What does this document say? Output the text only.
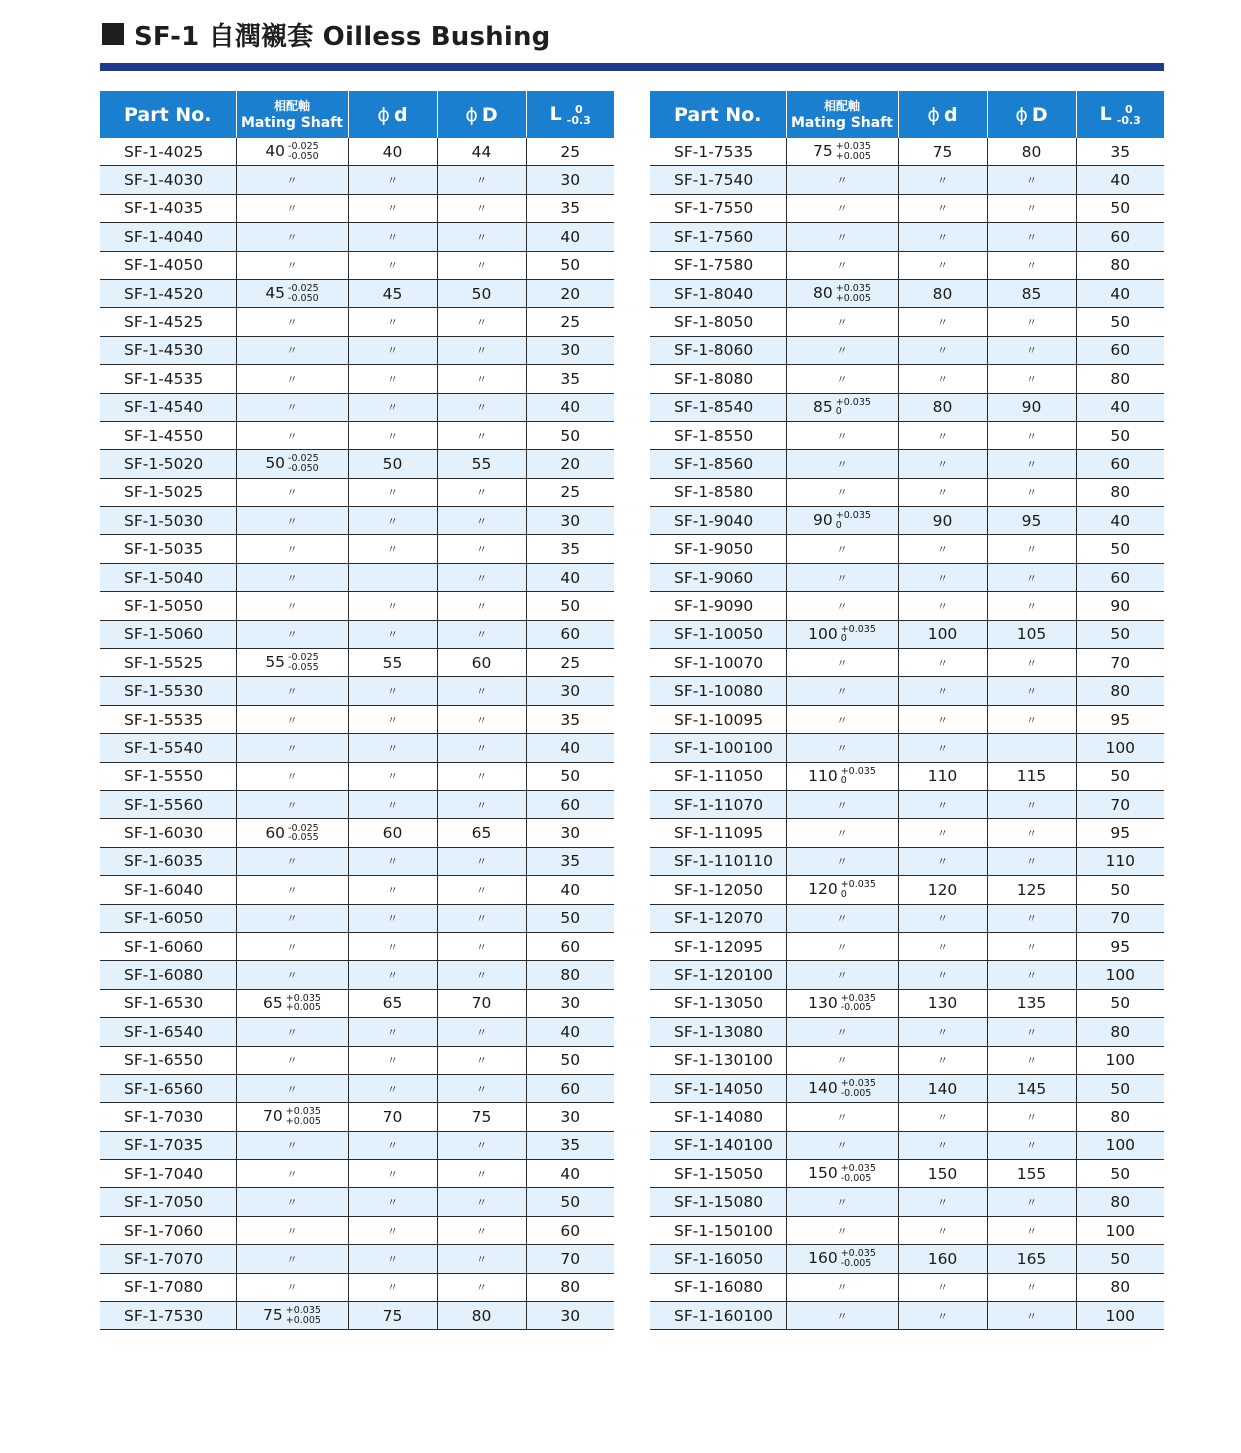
SF-1 自潤襯套 Oilless Bushing
Part No.	相配軸
Mating Shaft	ϕ d	ϕ D	L 0
-0.3

SF-1-4025	40 -0.025
-0.050	40	44	25
SF-1-4030	〃	〃	〃	30
SF-1-4035	〃	〃	〃	35
SF-1-4040	〃	〃	〃	40
SF-1-4050	〃	〃	〃	50
SF-1-4520	45 -0.025
-0.050	45	50	20
SF-1-4525	〃	〃	〃	25
SF-1-4530	〃	〃	〃	30
SF-1-4535	〃	〃	〃	35
SF-1-4540	〃	〃	〃	40
SF-1-4550	〃	〃	〃	50
SF-1-5020	50 -0.025
-0.050	50	55	20
SF-1-5025	〃	〃	〃	25
SF-1-5030	〃	〃	〃	30
SF-1-5035	〃	〃	〃	35
SF-1-5040	〃		〃	40
SF-1-5050	〃	〃	〃	50
SF-1-5060	〃	〃	〃	60
SF-1-5525	55 -0.025
-0.055	55	60	25
SF-1-5530	〃	〃	〃	30
SF-1-5535	〃	〃	〃	35
SF-1-5540	〃	〃	〃	40
SF-1-5550	〃	〃	〃	50
SF-1-5560	〃	〃	〃	60
SF-1-6030	60 -0.025
-0.055	60	65	30
SF-1-6035	〃	〃	〃	35
SF-1-6040	〃	〃	〃	40
SF-1-6050	〃	〃	〃	50
SF-1-6060	〃	〃	〃	60
SF-1-6080	〃	〃	〃	80
SF-1-6530	65 +0.035
+0.005	65	70	30
SF-1-6540	〃	〃	〃	40
SF-1-6550	〃	〃	〃	50
SF-1-6560	〃	〃	〃	60
SF-1-7030	70 +0.035
+0.005	70	75	30
SF-1-7035	〃	〃	〃	35
SF-1-7040	〃	〃	〃	40
SF-1-7050	〃	〃	〃	50
SF-1-7060	〃	〃	〃	60
SF-1-7070	〃	〃	〃	70
SF-1-7080	〃	〃	〃	80
SF-1-7530	75 +0.035
+0.005	75	80	30
Part No.	相配軸
Mating Shaft	ϕ d	ϕ D	L 0
-0.3

SF-1-7535	75 +0.035
+0.005	75	80	35
SF-1-7540	〃	〃	〃	40
SF-1-7550	〃	〃	〃	50
SF-1-7560	〃	〃	〃	60
SF-1-7580	〃	〃	〃	80
SF-1-8040	80 +0.035
+0.005	80	85	40
SF-1-8050	〃	〃	〃	50
SF-1-8060	〃	〃	〃	60
SF-1-8080	〃	〃	〃	80
SF-1-8540	85 +0.035
0	80	90	40
SF-1-8550	〃	〃	〃	50
SF-1-8560	〃	〃	〃	60
SF-1-8580	〃	〃	〃	80
SF-1-9040	90 +0.035
0	90	95	40
SF-1-9050	〃	〃	〃	50
SF-1-9060	〃	〃	〃	60
SF-1-9090	〃	〃	〃	90
SF-1-10050	100 +0.035
0	100	105	50
SF-1-10070	〃	〃	〃	70
SF-1-10080	〃	〃	〃	80
SF-1-10095	〃	〃	〃	95
SF-1-100100	〃	〃		100
SF-1-11050	110 +0.035
0	110	115	50
SF-1-11070	〃	〃	〃	70
SF-1-11095	〃	〃	〃	95
SF-1-110110	〃	〃	〃	110
SF-1-12050	120 +0.035
0	120	125	50
SF-1-12070	〃	〃	〃	70
SF-1-12095	〃	〃	〃	95
SF-1-120100	〃	〃	〃	100
SF-1-13050	130 +0.035
-0.005	130	135	50
SF-1-13080	〃	〃	〃	80
SF-1-130100	〃	〃	〃	100
SF-1-14050	140 +0.035
-0.005	140	145	50
SF-1-14080	〃	〃	〃	80
SF-1-140100	〃	〃	〃	100
SF-1-15050	150 +0.035
-0.005	150	155	50
SF-1-15080	〃	〃	〃	80
SF-1-150100	〃	〃	〃	100
SF-1-16050	160 +0.035
-0.005	160	165	50
SF-1-16080	〃	〃	〃	80
SF-1-160100	〃	〃	〃	100
